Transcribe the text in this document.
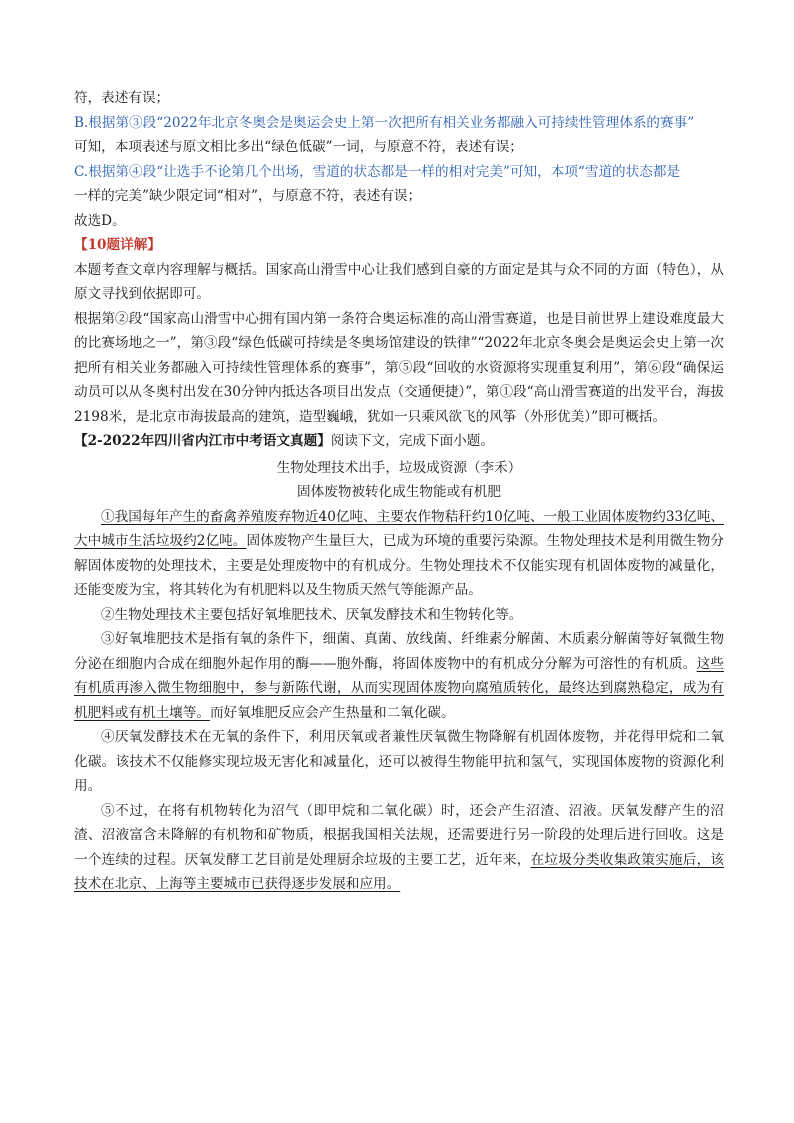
符，表述有误；

B.根据第③段“2022年北京冬奥会是奥运会史上第一次把所有相关业务都融入可持续性管理体系的赛事”

可知，本项表述与原文相比多出“绿色低碳”一词，与原意不符，表述有误；

C.根据第④段“让选手不论第几个出场，雪道的状态都是一样的相对完美”可知，本项“雪道的状态都是

一样的完美”缺少限定词“相对”，与原意不符，表述有误；

故选D。

【10题详解】

本题考查文章内容理解与概括。国家高山滑雪中心让我们感到自豪的方面定是其与众不同的方面（特色），从原文寻找到依据即可。

根据第②段“国家高山滑雪中心拥有国内第一条符合奥运标准的高山滑雪赛道，也是目前世界上建设难度最大的比赛场地之一”，第③段“绿色低碳可持续是冬奥场馆建设的铁律”“2022年北京冬奥会是奥运会史上第一次把所有相关业务都融入可持续性管理体系的赛事”，第⑤段“回收的水资源将实现重复利用”，第⑥段“确保运动员可以从冬奥村出发在30分钟内抵达各项目出发点（交通便捷）”，第①段“高山滑雪赛道的出发平台，海拔2198米，是北京市海拔最高的建筑，造型巍峨，犹如一只乘风欲飞的风筝（外形优美）”即可概括。

【2-2022年四川省内江市中考语文真题】阅读下文，完成下面小题。

生物处理技术出手，垃圾成资源（李禾）

固体废物被转化成生物能或有机肥

①我国每年产生的畜禽养殖废弃物近40亿吨、主要农作物秸秆约10亿吨、一般工业固体废物约33亿吨、大中城市生活垃圾约2亿吨。固体废物产生量巨大，已成为环境的重要污染源。生物处理技术是利用微生物分解固体废物的处理技术，主要是处理废物中的有机成分。生物处理技术不仅能实现有机固体废物的减量化，还能变废为宝，将其转化为有机肥料以及生物质天然气等能源产品。

②生物处理技术主要包括好氧堆肥技术、厌氧发酵技术和生物转化等。

③好氧堆肥技术是指有氧的条件下，细菌、真菌、放线菌、纤维素分解菌、木质素分解菌等好氧微生物分泌在细胞内合成在细胞外起作用的酶——胞外酶，将固体废物中的有机成分分解为可溶性的有机质。这些有机质再渗入微生物细胞中，参与新陈代谢，从而实现固体废物向腐殖质转化，最终达到腐熟稳定，成为有机肥料或有机土壤等。而好氧堆肥反应会产生热量和二氧化碳。

④厌氧发酵技术在无氧的条件下，利用厌氧或者兼性厌氧微生物降解有机固体废物，并花得甲烷和二氧化碳。该技术不仅能修实现垃圾无害化和减量化，还可以被得生物能甲抗和氢气，实现国体废物的资源化利用。

⑤不过，在将有机物转化为沼气（即甲烷和二氧化碳）时，还会产生沼渣、沼液。厌氧发酵产生的沼渣、沼液富含未降解的有机物和矿物质，根据我国相关法规，还需要进行另一阶段的处理后进行回收。这是一个连续的过程。厌氧发酵工艺目前是处理厨余垃圾的主要工艺，近年来，在垃圾分类收集政策实施后，该技术在北京、上海等主要城市已获得逐步发展和应用。
